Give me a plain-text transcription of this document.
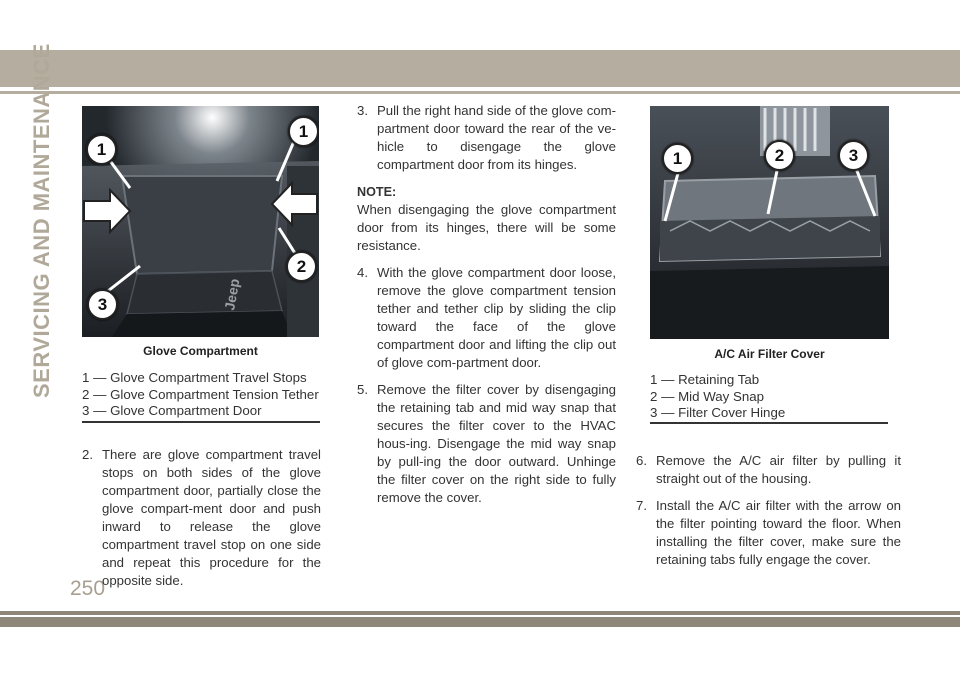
SERVICING AND MAINTENANCE
250
Jeep
1
1
2
3
Glove Compartment
1 — Glove Compartment Travel Stops
2 — Glove Compartment Tension Tether
3 — Glove Compartment Door

2. There are glove compartment travel stops on both sides of the glove compartment door, partially close the glove compart-ment door and push inward to release the glove compartment travel stop on one side and repeat this procedure for the opposite side.

3. Pull the right hand side of the glove com-partment door toward the rear of the ve-hicle to disengage the glove compartment door from its hinges.

NOTE:

When disengaging the glove compartment door from its hinges, there will be some resistance.

4. With the glove compartment door loose, remove the glove compartment tension tether and tether clip by sliding the clip toward the face of the glove compartment door and lifting the clip out of glove com-partment door.

5. Remove the filter cover by disengaging the retaining tab and mid way snap that secures the filter cover to the HVAC hous-ing. Disengage the mid way snap by pull-ing the door outward. Unhinge the filter cover on the right side to fully remove the cover.

1	2	3
A/C Air Filter Cover
1 — Retaining Tab
2 — Mid Way Snap
3 — Filter Cover Hinge

6. Remove the A/C air filter by pulling it straight out of the housing.

7. Install the A/C air filter with the arrow on the filter pointing toward the floor. When installing the filter cover, make sure the retaining tabs fully engage the cover.
